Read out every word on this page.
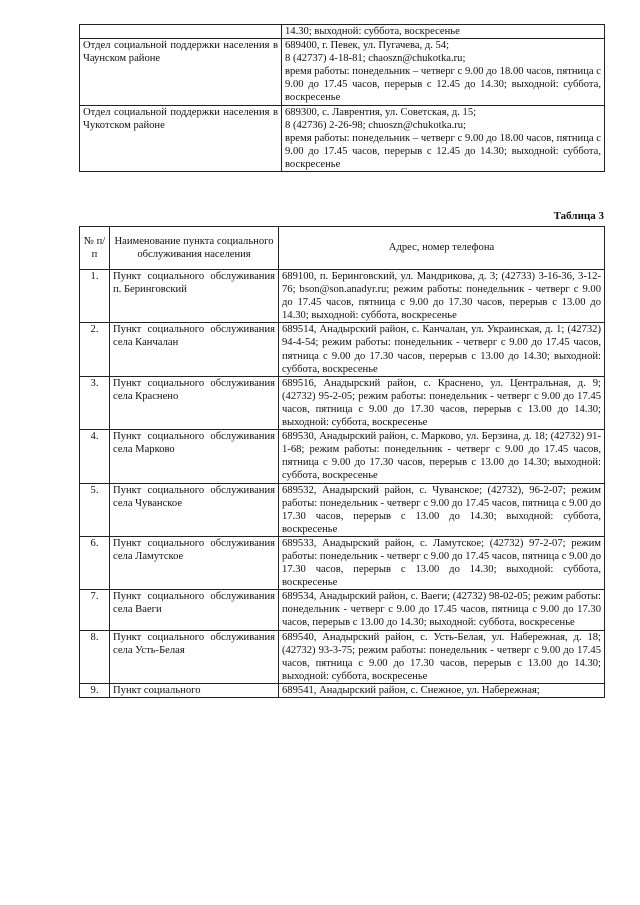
	14.30; выходной: суббота, воскресенье

Отдел социальной поддержки населения в Чаунском районе	689400, г. Певек, ул. Пугачева, д. 54;
8 (42737) 4-18-81; chaoszn@chukotka.ru;
время работы: понедельник – четверг с 9.00 до 18.00 часов, пятница с 9.00 до 17.45 часов, перерыв с 12.45 до 14.30; выходной: суббота, воскресенье

Отдел социальной поддержки населения в Чукотском районе	689300, с. Лаврентия, ул. Советская, д. 15;
8 (42736) 2-26-98; chuoszn@chukotka.ru;
время работы: понедельник – четверг с 9.00 до 18.00 часов, пятница с 9.00 до 17.45 часов, перерыв с 12.45 до 14.30; выходной: суббота, воскресенье
Таблица 3
№ п/п	Наименование пункта социального обслуживания населения	Адрес, номер телефона
1.	Пункт социального обслуживания п. Беринговский	689100, п. Беринговский, ул. Мандрикова, д. 3; (42733) 3-16-36, 3-12-76; bson@son.anadyr.ru; режим работы: понедельник - четверг с 9.00 до 17.45 часов, пятница с 9.00 до 17.30 часов, перерыв с 13.00 до 14.30; выходной: суббота, воскресенье
2.	Пункт социального обслуживания села Канчалан	689514, Анадырский район, с. Канчалан, ул. Украинская, д. 1; (42732) 94-4-54; режим работы: понедельник - четверг с 9.00 до 17.45 часов, пятница с 9.00 до 17.30 часов, перерыв с 13.00 до 14.30; выходной: суббота, воскресенье
3.	Пункт социального обслуживания села Краснено	689516, Анадырский район, с. Краснено, ул. Центральная, д. 9; (42732) 95-2-05; режим работы: понедельник - четверг с 9.00 до 17.45 часов, пятница с 9.00 до 17.30 часов, перерыв с 13.00 до 14.30; выходной: суббота, воскресенье
4.	Пункт социального обслуживания села Марково	689530, Анадырский район, с. Марково, ул. Берзина, д. 18; (42732) 91-1-68; режим работы: понедельник - четверг с 9.00 до 17.45 часов, пятница с 9.00 до 17.30 часов, перерыв с 13.00 до 14.30; выходной: суббота, воскресенье
5.	Пункт социального обслуживания села Чуванское	689532, Анадырский район, с. Чуванское; (42732), 96-2-07; режим работы: понедельник - четверг с 9.00 до 17.45 часов, пятница с 9.00 до 17.30 часов, перерыв с 13.00 до 14.30; выходной: суббота, воскресенье
6.	Пункт социального обслуживания села Ламутское	689533, Анадырский район, с. Ламутское; (42732) 97-2-07; режим работы: понедельник - четверг с 9.00 до 17.45 часов, пятница с 9.00 до 17.30 часов, перерыв с 13.00 до 14.30; выходной: суббота, воскресенье
7.	Пункт социального обслуживания села Ваеги	689534, Анадырский район, с. Ваеги; (42732) 98-02-05; режим работы: понедельник - четверг с 9.00 до 17.45 часов, пятница с 9.00 до 17.30 часов, перерыв с 13.00 до 14.30; выходной: суббота, воскресенье
8.	Пункт социального обслуживания села Усть-Белая	689540, Анадырский район, с. Усть-Белая, ул. Набережная, д. 18; (42732) 93-3-75; режим работы: понедельник - четверг с 9.00 до 17.45 часов, пятница с 9.00 до 17.30 часов, перерыв с 13.00 до 14.30; выходной: суббота, воскресенье
9.	Пункт социального	689541, Анадырский район, с. Снежное, ул. Набережная;
